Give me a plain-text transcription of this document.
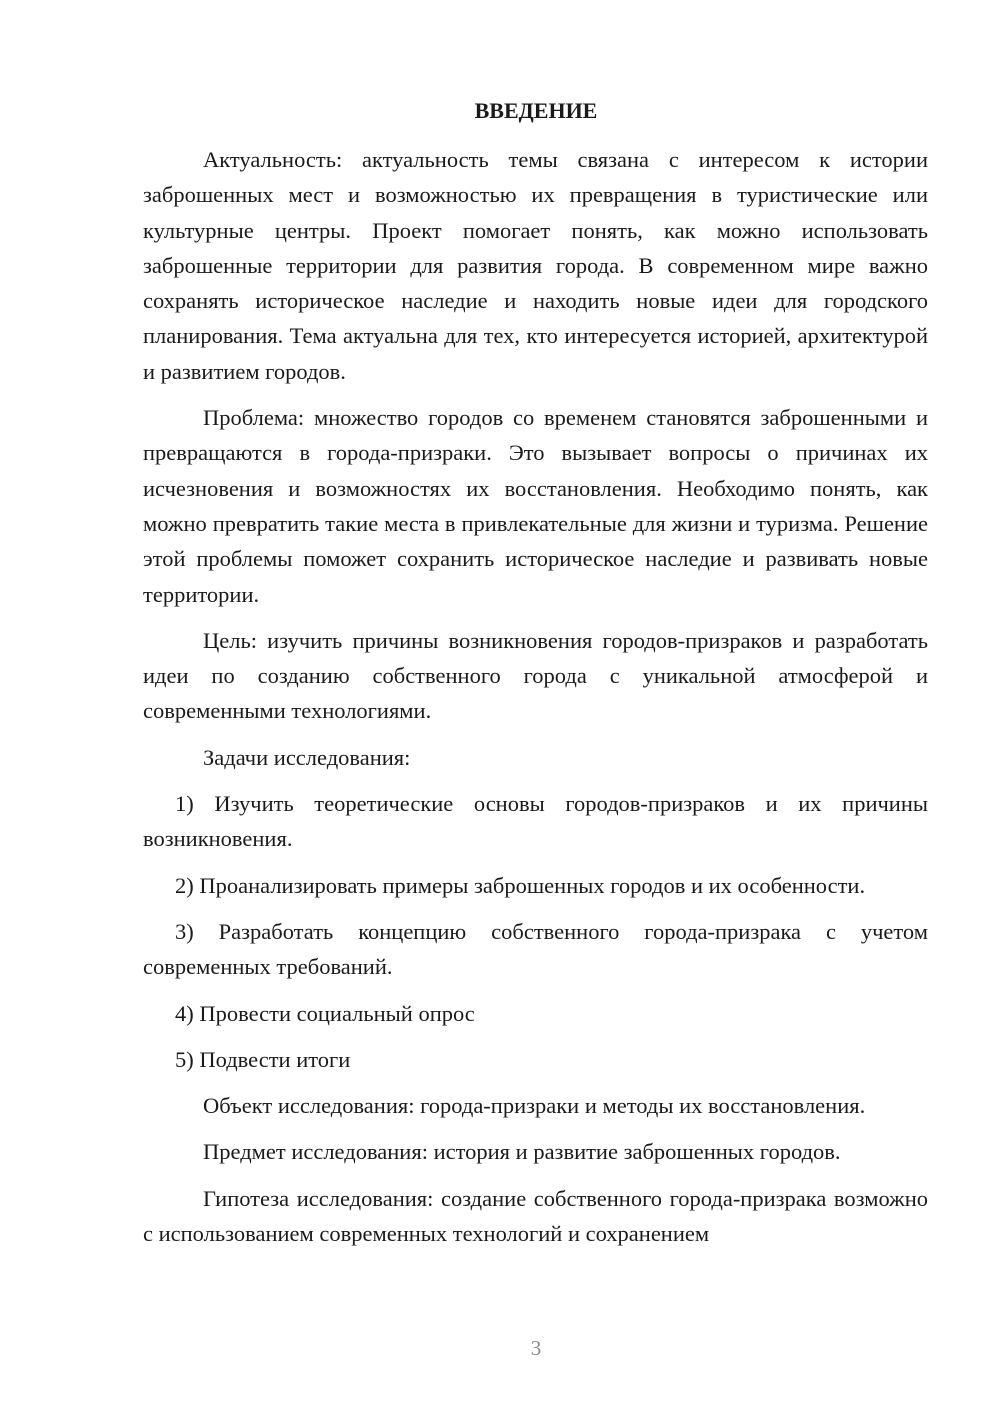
ВВЕДЕНИЕ

Актуальность: актуальность темы связана с интересом к истории заброшенных мест и возможностью их превращения в туристические или культурные центры. Проект помогает понять, как можно использовать заброшенные территории для развития города. В современном мире важно сохранять историческое наследие и находить новые идеи для городского планирования. Тема актуальна для тех, кто интересуется историей, архитектурой и развитием городов.

Проблема: множество городов со временем становятся заброшенными и превращаются в города-призраки. Это вызывает вопросы о причинах их исчезновения и возможностях их восстановления. Необходимо понять, как можно превратить такие места в привлекательные для жизни и туризма. Решение этой проблемы поможет сохранить историческое наследие и развивать новые территории.

Цель: изучить причины возникновения городов-призраков и разработать идеи по созданию собственного города с уникальной атмосферой и современными технологиями.

Задачи исследования:

1) Изучить теоретические основы городов-призраков и их причины возникновения.

2) Проанализировать примеры заброшенных городов и их особенности.

3) Разработать концепцию собственного города-призрака с учетом современных требований.

4) Провести социальный опрос

5) Подвести итоги

Объект исследования: города-призраки и методы их восстановления.

Предмет исследования: история и развитие заброшенных городов.

Гипотеза исследования: создание собственного города-призрака возможно с использованием современных технологий и сохранением

3
